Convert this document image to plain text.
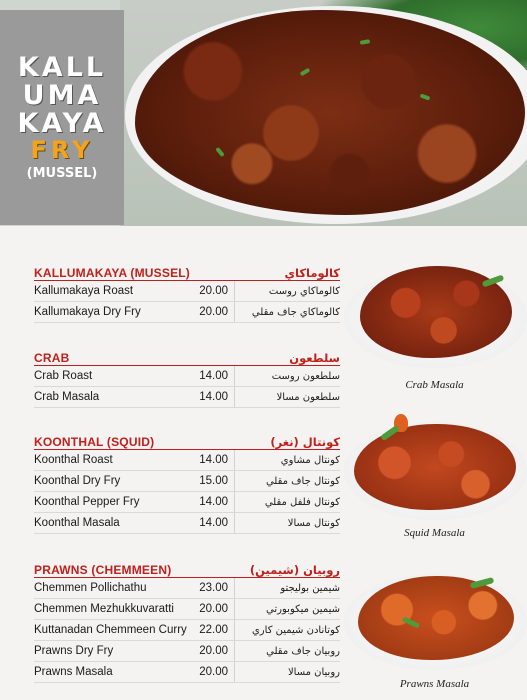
KALL
UMA
KAYA
FRY
(MUSSEL)
KALLUMAKAYA (MUSSEL)	كالوماكاي
Kallumakaya Roast	20.00	كالوماكاي روست
Kallumakaya Dry Fry	20.00	كالوماكاي جاف مقلي
CRAB	سلطعون
Crab Roast	14.00	سلطعون روست
Crab Masala	14.00	سلطعون مسالا
KOONTHAL (SQUID)	كونتال (نغر)
Koonthal Roast	14.00	كونتال مشاوي
Koonthal Dry Fry	15.00	كونتال جاف مقلي
Koonthal Pepper Fry	14.00	كونتال فلفل مقلي
Koonthal Masala	14.00	كونتال مسالا
PRAWNS (CHEMMEEN)	روبيان (شيمين)
Chemmen Pollichathu	23.00	شيمين بوليجتو
Chemmen Mezhukkuvaratti	20.00	شيمين ميكوبورتي
Kuttanadan Chemmeen Curry	22.00	كوتانادن شيمين كاري
Prawns Dry Fry	20.00	روبيان جاف مقلي
Prawns Masala	20.00	روبيان مسالا
Crab Masala
Squid Masala
Prawns Masala
